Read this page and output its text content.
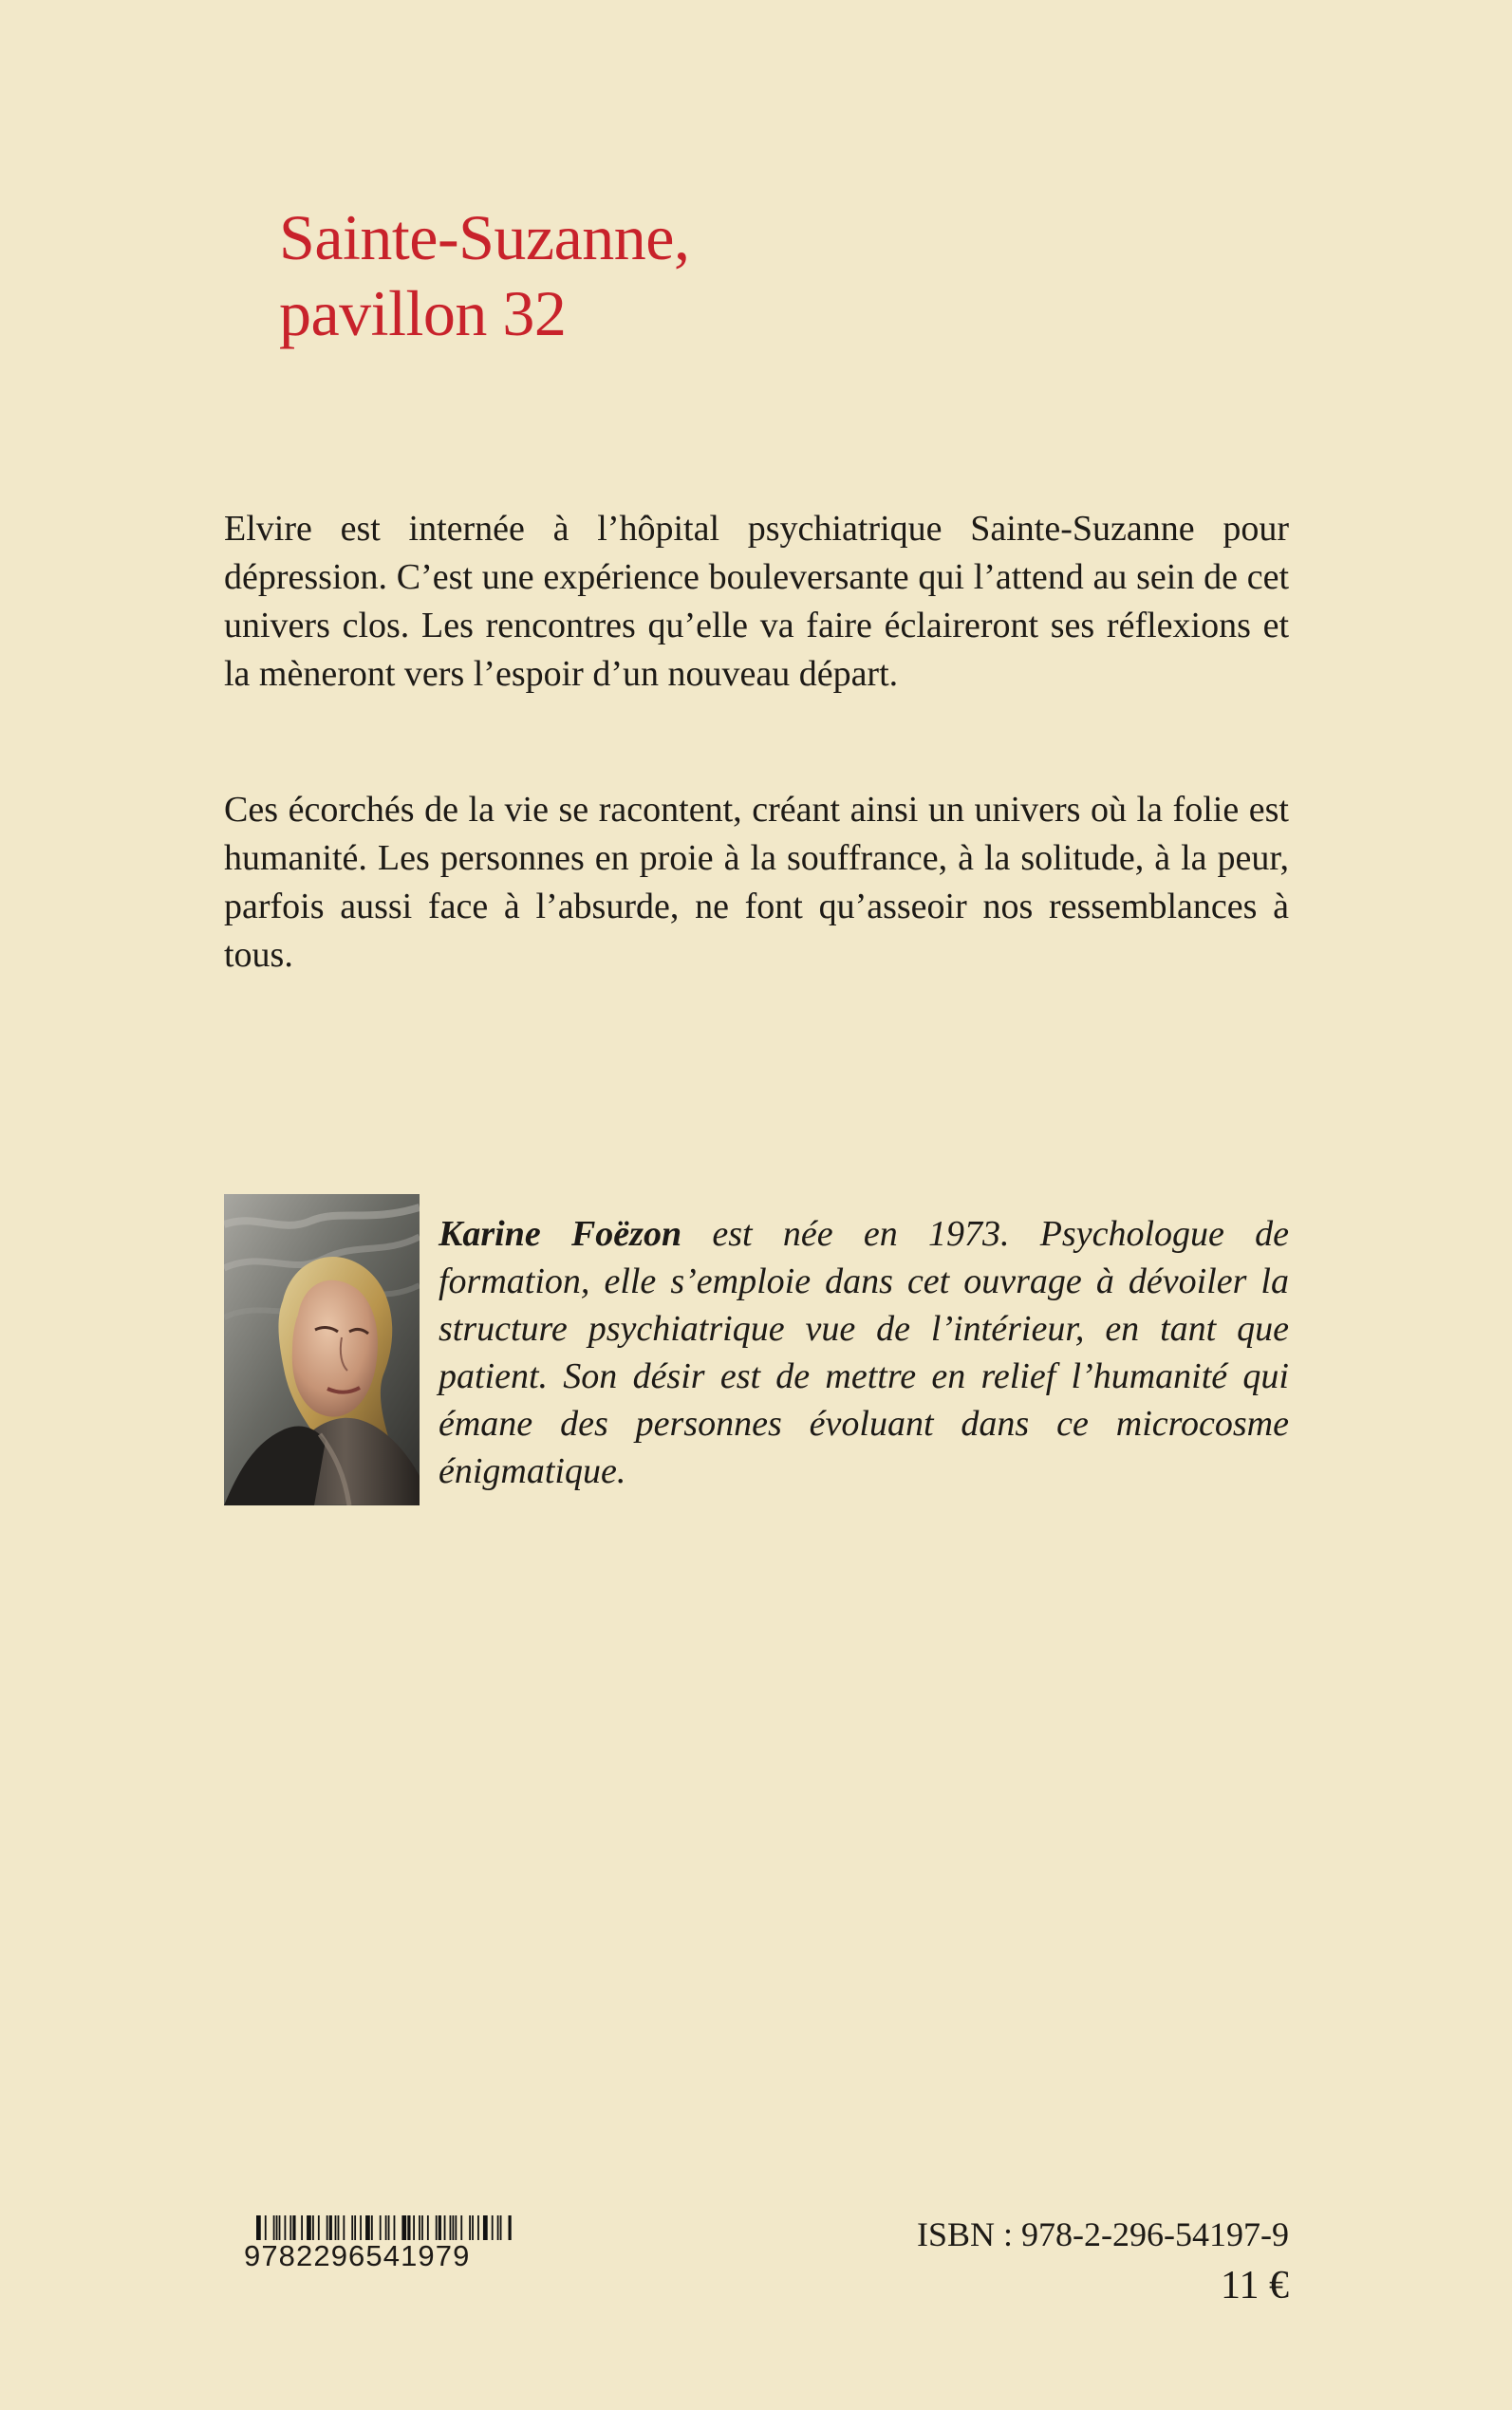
Sainte-Suzanne,
pavillon 32

Elvire est internée à l’hôpital psychiatrique Sainte-Suzanne pour dépression. C’est une expérience bouleversante qui l’attend au sein de cet univers clos. Les rencontres qu’elle va faire éclaireront ses réflexions et la mèneront vers l’espoir d’un nouveau départ.

Ces écorchés de la vie se racontent, créant ainsi un univers où la folie est humanité. Les personnes en proie à la souffrance, à la solitude, à la peur, parfois aussi face à l’absurde, ne font qu’asseoir nos ressemblances à tous.

Karine Foëzon est née en 1973. Psychologue de formation, elle s’emploie dans cet ouvrage à dévoiler la structure psychiatrique vue de l’intérieur, en tant que patient. Son désir est de mettre en relief l’humanité qui émane des personnes évoluant dans ce microcosme énigmatique.

9782296541979

ISBN : 978-2-296-54197-9

11 €
